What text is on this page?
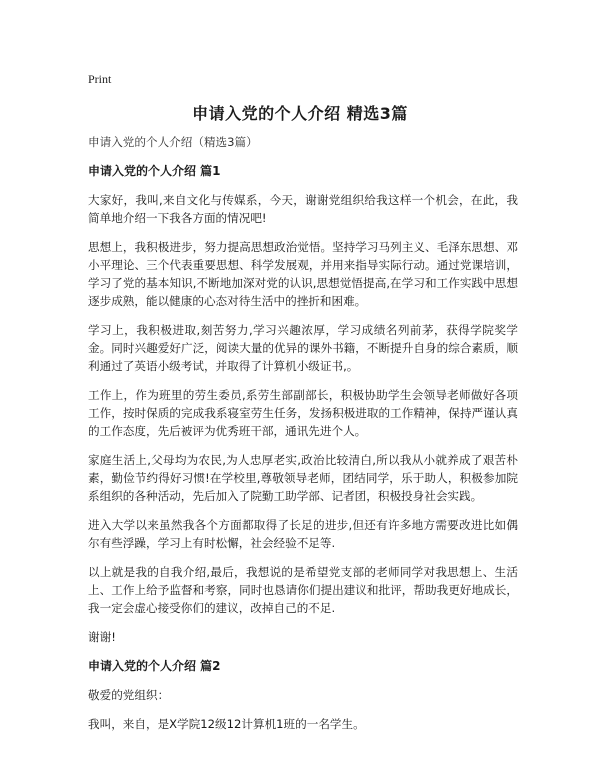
Print
申请入党的个人介绍 精选3篇
申请入党的个人介绍（精选3篇）
申请入党的个人介绍 篇1

大家好，我叫,来自文化与传媒系，今天，谢谢党组织给我这样一个机会，在此，我简单地介绍一下我各方面的情况吧!

思想上，我积极进步，努力提高思想政治觉悟。坚持学习马列主义、毛泽东思想、邓小平理论、三个代表重要思想、科学发展观，并用来指导实际行动。通过党课培训，学习了党的基本知识,不断地加深对党的认识,思想觉悟提高,在学习和工作实践中思想逐步成熟，能以健康的心态对待生活中的挫折和困难。

学习上，我积极进取,刻苦努力,学习兴趣浓厚，学习成绩名列前茅，获得学院奖学金。同时兴趣爱好广泛，阅读大量的优异的课外书籍，不断提升自身的综合素质，顺利通过了英语小级考试，并取得了计算机小级证书,。

工作上，作为班里的劳生委员,系劳生部副部长，积极协助学生会领导老师做好各项工作，按时保质的完成我系寝室劳生任务，发扬积极进取的工作精神，保持严谨认真的工作态度，先后被评为优秀班干部，通讯先进个人。

家庭生活上,父母均为农民,为人忠厚老实,政治比较清白,所以我从小就养成了艰苦朴素，勤俭节约得好习惯!在学校里,尊敬领导老师，团结同学，乐于助人，积极参加院系组织的各种活动，先后加入了院勤工助学部、记者团，积极投身社会实践。

进入大学以来虽然我各个方面都取得了长足的进步,但还有许多地方需要改进比如偶尔有些浮躁，学习上有时松懈，社会经验不足等.

以上就是我的自我介绍,最后，我想说的是希望党支部的老师同学对我思想上、生活上、工作上给予监督和考察，同时也恳请你们提出建议和批评，帮助我更好地成长，我一定会虚心接受你们的建议，改掉自己的不足.

谢谢!

申请入党的个人介绍 篇2

敬爱的党组织：

我叫，来自，是X学院12级12计算机1班的一名学生。
